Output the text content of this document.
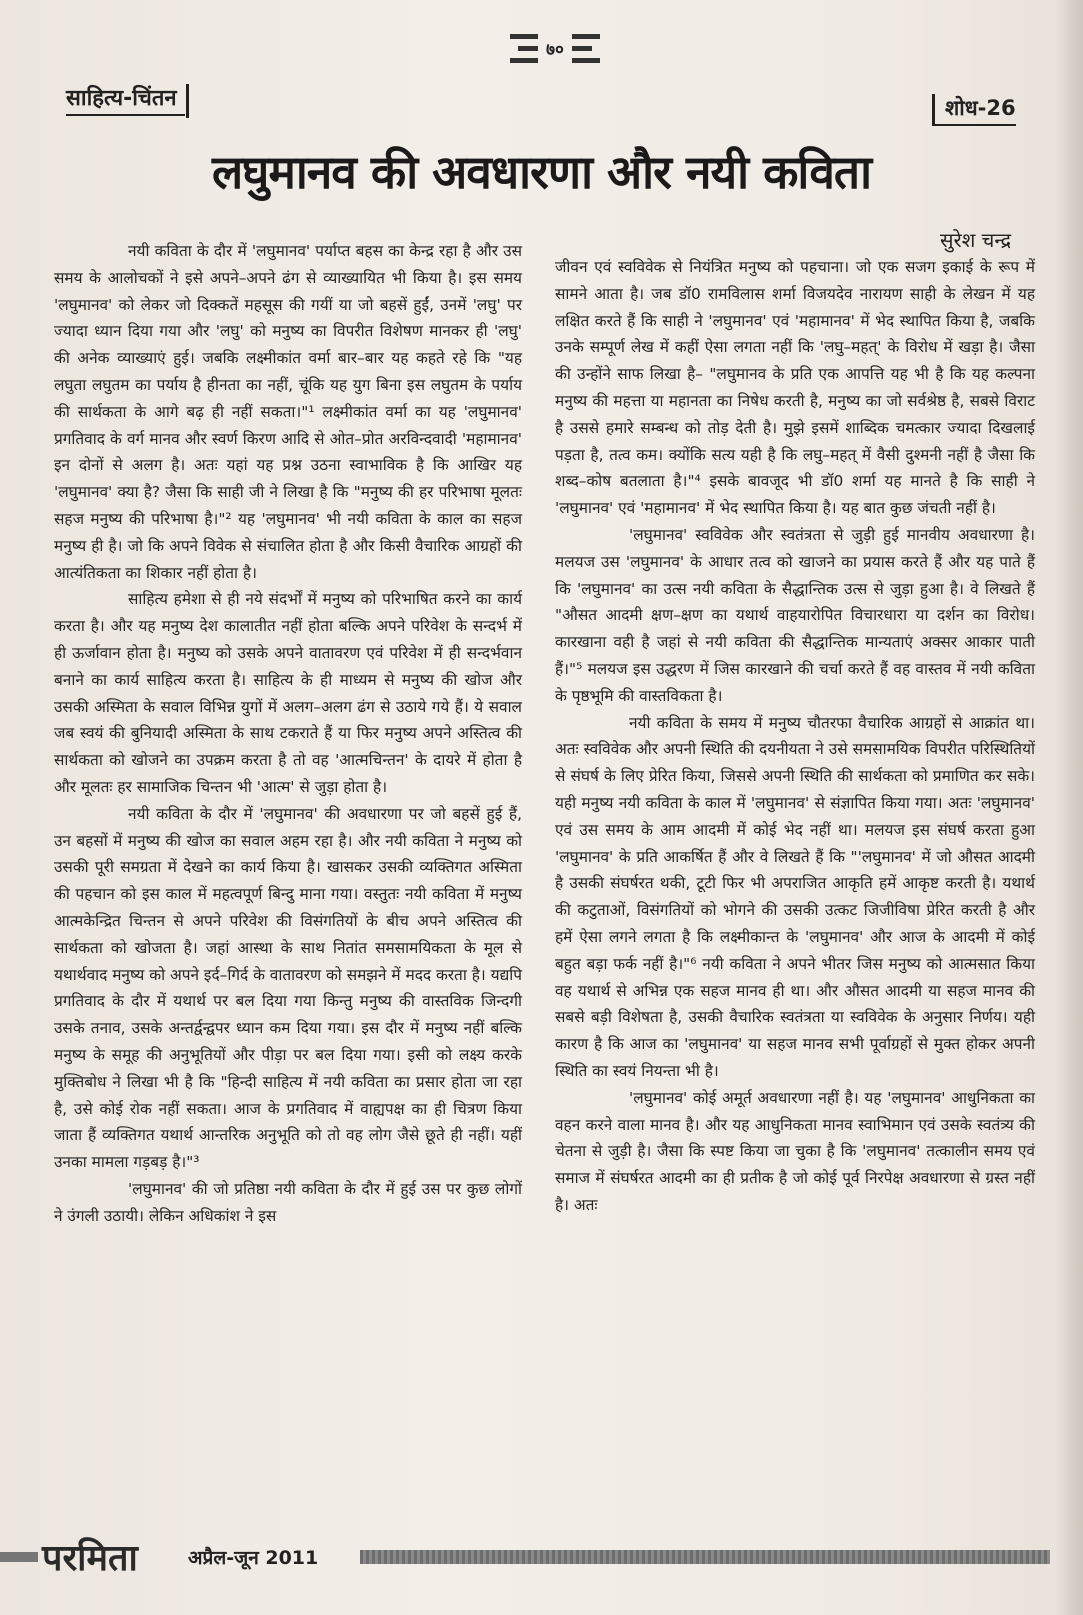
७०
साहित्य-चिंतन	शोध-26
लघुमानव की अवधारणा और नयी कविता
सुरेश चन्द्र

नयी कविता के दौर में 'लघुमानव' पर्याप्त बहस का केन्द्र रहा है और उस समय के आलोचकों ने इसे अपने–अपने ढंग से व्याख्यायित भी किया है। इस समय 'लघुमानव' को लेकर जो दिक्कतें महसूस की गयीं या जो बहसें हुईं, उनमें 'लघु' पर ज्यादा ध्यान दिया गया और 'लघु' को मनुष्य का विपरीत विशेषण मानकर ही 'लघु' की अनेक व्याख्याएं हुई। जबकि लक्ष्मीकांत वर्मा बार–बार यह कहते रहे कि "यह लघुता लघुतम का पर्याय है हीनता का नहीं, चूंकि यह युग बिना इस लघुतम के पर्याय की सार्थकता के आगे बढ़ ही नहीं सकता।"¹ लक्ष्मीकांत वर्मा का यह 'लघुमानव' प्रगतिवाद के वर्ग मानव और स्वर्ण किरण आदि से ओत–प्रोत अरविन्दवादी 'महामानव' इन दोनों से अलग है। अतः यहां यह प्रश्न उठना स्वाभाविक है कि आखिर यह 'लघुमानव' क्या है? जैसा कि साही जी ने लिखा है कि "मनुष्य की हर परिभाषा मूलतः सहज मनुष्य की परिभाषा है।"² यह 'लघुमानव' भी नयी कविता के काल का सहज मनुष्य ही है। जो कि अपने विवेक से संचालित होता है और किसी वैचारिक आग्रहों की आत्यंतिकता का शिकार नहीं होता है।

साहित्य हमेशा से ही नये संदर्भों में मनुष्य को परिभाषित करने का कार्य करता है। और यह मनुष्य देश कालातीत नहीं होता बल्कि अपने परिवेश के सन्दर्भ में ही ऊर्जावान होता है। मनुष्य को उसके अपने वातावरण एवं परिवेश में ही सन्दर्भवान बनाने का कार्य साहित्य करता है। साहित्य के ही माध्यम से मनुष्य की खोज और उसकी अस्मिता के सवाल विभिन्न युगों में अलग–अलग ढंग से उठाये गये हैं। ये सवाल जब स्वयं की बुनियादी अस्मिता के साथ टकराते हैं या फिर मनुष्य अपने अस्तित्व की सार्थकता को खोजने का उपक्रम करता है तो वह 'आत्मचिन्तन' के दायरे में होता है और मूलतः हर सामाजिक चिन्तन भी 'आत्म' से जुड़ा होता है।

नयी कविता के दौर में 'लघुमानव' की अवधारणा पर जो बहसें हुई हैं, उन बहसों में मनुष्य की खोज का सवाल अहम रहा है। और नयी कविता ने मनुष्य को उसकी पूरी समग्रता में देखने का कार्य किया है। खासकर उसकी व्यक्तिगत अस्मिता की पहचान को इस काल में महत्वपूर्ण बिन्दु माना गया। वस्तुतः नयी कविता में मनुष्य आत्मकेन्द्रित चिन्तन से अपने परिवेश की विसंगतियों के बीच अपने अस्तित्व की सार्थकता को खोजता है। जहां आस्था के साथ नितांत समसामयिकता के मूल से यथार्थवाद मनुष्य को अपने इर्द–गिर्द के वातावरण को समझने में मदद करता है। यद्यपि प्रगतिवाद के दौर में यथार्थ पर बल दिया गया किन्तु मनुष्य की वास्तविक जिन्दगी उसके तनाव, उसके अन्तर्द्वन्द्वपर ध्यान कम दिया गया। इस दौर में मनुष्य नहीं बल्कि मनुष्य के समूह की अनुभूतियों और पीड़ा पर बल दिया गया। इसी को लक्ष्य करके मुक्तिबोध ने लिखा भी है कि "हिन्दी साहित्य में नयी कविता का प्रसार होता जा रहा है, उसे कोई रोक नहीं सकता। आज के प्रगतिवाद में वाह्यपक्ष का ही चित्रण किया जाता हैं व्यक्तिगत यथार्थ आन्तरिक अनुभूति को तो वह लोग जैसे छूते ही नहीं। यहीं उनका मामला गड़बड़ है।"³

'लघुमानव' की जो प्रतिष्ठा नयी कविता के दौर में हुई उस पर कुछ लोगों ने उंगली उठायी। लेकिन अधिकांश ने इस

जीवन एवं स्वविवेक से नियंत्रित मनुष्य को पहचाना। जो एक सजग इकाई के रूप में सामने आता है। जब डॉ0 रामविलास शर्मा विजयदेव नारायण साही के लेखन में यह लक्षित करते हैं कि साही ने 'लघुमानव' एवं 'महामानव' में भेद स्थापित किया है, जबकि उनके सम्पूर्ण लेख में कहीं ऐसा लगता नहीं कि 'लघु–महत्' के विरोध में खड़ा है। जैसा की उन्होंने साफ लिखा है– "लघुमानव के प्रति एक आपत्ति यह भी है कि यह कल्पना मनुष्य की महत्ता या महानता का निषेध करती है, मनुष्य का जो सर्वश्रेष्ठ है, सबसे विराट है उससे हमारे सम्बन्ध को तोड़ देती है। मुझे इसमें शाब्दिक चमत्कार ज्यादा दिखलाई पड़ता है, तत्व कम। क्योंकि सत्य यही है कि लघु–महत् में वैसी दुश्मनी नहीं है जैसा कि शब्द–कोष बतलाता है।"⁴ इसके बावजूद भी डॉ0 शर्मा यह मानते है कि साही ने 'लघुमानव' एवं 'महामानव' में भेद स्थापित किया है। यह बात कुछ जंचती नहीं है।

'लघुमानव' स्वविवेक और स्वतंत्रता से जुड़ी हुई मानवीय अवधारणा है। मलयज उस 'लघुमानव' के आधार तत्व को खाजने का प्रयास करते हैं और यह पाते हैं कि 'लघुमानव' का उत्स नयी कविता के सैद्धान्तिक उत्स से जुड़ा हुआ है। वे लिखते हैं "औसत आदमी क्षण–क्षण का यथार्थ वाहयारोपित विचारधारा या दर्शन का विरोध। कारखाना वही है जहां से नयी कविता की सैद्धान्तिक मान्यताएं अक्सर आकार पाती हैं।"⁵ मलयज इस उद्धरण में जिस कारखाने की चर्चा करते हैं वह वास्तव में नयी कविता के पृष्ठभूमि की वास्तविकता है।

नयी कविता के समय में मनुष्य चौतरफा वैचारिक आग्रहों से आक्रांत था। अतः स्वविवेक और अपनी स्थिति की दयनीयता ने उसे समसामयिक विपरीत परिस्थितियों से संघर्ष के लिए प्रेरित किया, जिससे अपनी स्थिति की सार्थकता को प्रमाणित कर सके। यही मनुष्य नयी कविता के काल में 'लघुमानव' से संज्ञापित किया गया। अतः 'लघुमानव' एवं उस समय के आम आदमी में कोई भेद नहीं था। मलयज इस संघर्ष करता हुआ 'लघुमानव' के प्रति आकर्षित हैं और वे लिखते हैं कि "'लघुमानव' में जो औसत आदमी है उसकी संघर्षरत थकी, टूटी फिर भी अपराजित आकृति हमें आकृष्ट करती है। यथार्थ की कटुताओं, विसंगतियों को भोगने की उसकी उत्कट जिजीविषा प्रेरित करती है और हमें ऐसा लगने लगता है कि लक्ष्मीकान्त के 'लघुमानव' और आज के आदमी में कोई बहुत बड़ा फर्क नहीं है।"⁶ नयी कविता ने अपने भीतर जिस मनुष्य को आत्मसात किया वह यथार्थ से अभिन्न एक सहज मानव ही था। और औसत आदमी या सहज मानव की सबसे बड़ी विशेषता है, उसकी वैचारिक स्वतंत्रता या स्वविवेक के अनुसार निर्णय। यही कारण है कि आज का 'लघुमानव' या सहज मानव सभी पूर्वाग्रहों से मुक्त होकर अपनी स्थिति का स्वयं नियन्ता भी है।

'लघुमानव' कोई अमूर्त अवधारणा नहीं है। यह 'लघुमानव' आधुनिकता का वहन करने वाला मानव है। और यह आधुनिकता मानव स्वाभिमान एवं उसके स्वतंत्र्य की चेतना से जुड़ी है। जैसा कि स्पष्ट किया जा चुका है कि 'लघुमानव' तत्कालीन समय एवं समाज में संघर्षरत आदमी का ही प्रतीक है जो कोई पूर्व निरपेक्ष अवधारणा से ग्रस्त नहीं है। अतः

परमिता	अप्रैल-जून 2011
